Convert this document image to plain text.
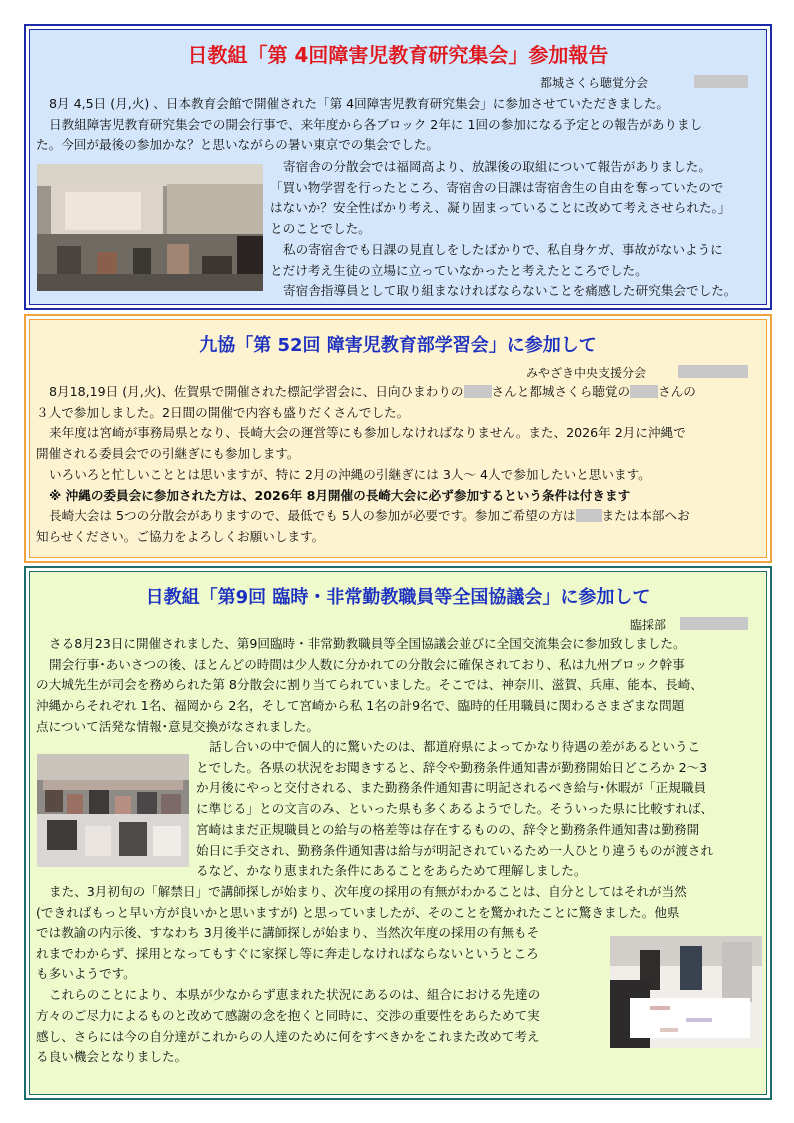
日教組「第 4回障害児教育研究集会」参加報告
都城さくら聴覚分会
8月 4,5日 (月,火) 、日本教育会館で開催された「第 4回障害児教育研究集会」に参加させていただきました。
日教組障害児教育研究集会での開会行事で、来年度から各ブロック 2年に 1回の参加になる予定との報告がありまし
た。今回が最後の参加かな？と思いながらの暑い東京での集会でした。
寄宿舎の分散会では福岡高より、放課後の取組について報告がありました。
「買い物学習を行ったところ、寄宿舎の日課は寄宿舎生の自由を奪っていたので
はないか？安全性ばかり考え、凝り固まっていることに改めて考えさせられた。」
とのことでした。
私の寄宿舎でも日課の見直しをしたばかりで、私自身ケガ、事故がないように
とだけ考え生徒の立場に立っていなかったと考えたところでした。
寄宿舎指導員として取り組まなければならないことを痛感した研究集会でした。
九協「第 52回 障害児教育部学習会」に参加して
みやざき中央支援分会
8月18,19日 (月,火)、佐賀県で開催された標記学習会に、日向ひまわりの さんと都城さくら聴覚の さんの
３人で参加しました。2日間の開催で内容も盛りだくさんでした。
来年度は宮崎が事務局県となり、長崎大会の運営等にも参加しなければなりません。また、2026年 2月に沖縄で
開催される委員会での引継ぎにも参加します。
いろいろと忙しいこととは思いますが、特に 2月の沖縄の引継ぎには 3人～ 4人で参加したいと思います。
※ 沖縄の委員会に参加された方は、2026年 8月開催の長崎大会に必ず参加するという条件は付きます
長崎大会は 5つの分散会がありますので、最低でも 5人の参加が必要です。参加ご希望の方は または本部へお
知らせください。ご協力をよろしくお願いします。
日教組「第9回 臨時・非常勤教職員等全国協議会」に参加して
臨採部
さる8月23日に開催されました、第9回臨時・非常勤教職員等全国協議会並びに全国交流集会に参加致しました。
開会行事･あいさつの後、ほとんどの時間は少人数に分かれての分散会に確保されており、私は九州ブロック幹事
の大城先生が司会を務められた第 8分散会に割り当てられていました。そこでは、神奈川、滋賀、兵庫、能本、長崎、
沖縄からそれぞれ 1名、福岡から 2名，そして宮崎から私 1名の計9名で、臨時的任用職員に関わるさまざまな問題
点について活発な情報･意見交換がなされました。
話し合いの中で個人的に驚いたのは、都道府県によってかなり待遇の差があるというこ
とでした。各県の状況をお聞きすると、辞令や勤務条件通知書が勤務開始日どころか 2～3
か月後にやっと交付される、また勤務条件通知書に明記されるべき給与･休暇が「正規職員
に準じる」との文言のみ、といった県も多くあるようでした。そういった県に比較すれば、
宮崎はまだ正規職員との給与の格差等は存在するものの、辞令と勤務条件通知書は勤務開
始日に手交され、勤務条件通知書は給与が明記されているため一人ひとり違うものが渡され
るなど、かなり恵まれた条件にあることをあらためて理解しました。
また、3月初旬の「解禁日」で講師探しが始まり、次年度の採用の有無がわかることは、自分としてはそれが当然
(できればもっと早い方が良いかと思いますが) と思っていましたが、そのことを驚かれたことに驚きました。他県
では教諭の内示後、すなわち 3月後半に講師探しが始まり、当然次年度の採用の有無もそ
れまでわからず、採用となってもすぐに家探し等に奔走しなければならないというところ
も多いようです。
これらのことにより、本県が少なからず恵まれた状況にあるのは、組合における先達の
方々のご尽力によるものと改めて感謝の念を抱くと同時に、交渉の重要性をあらためて実
感し、さらには今の自分達がこれからの人達のために何をすべきかをこれまた改めて考え
る良い機会となりました。
